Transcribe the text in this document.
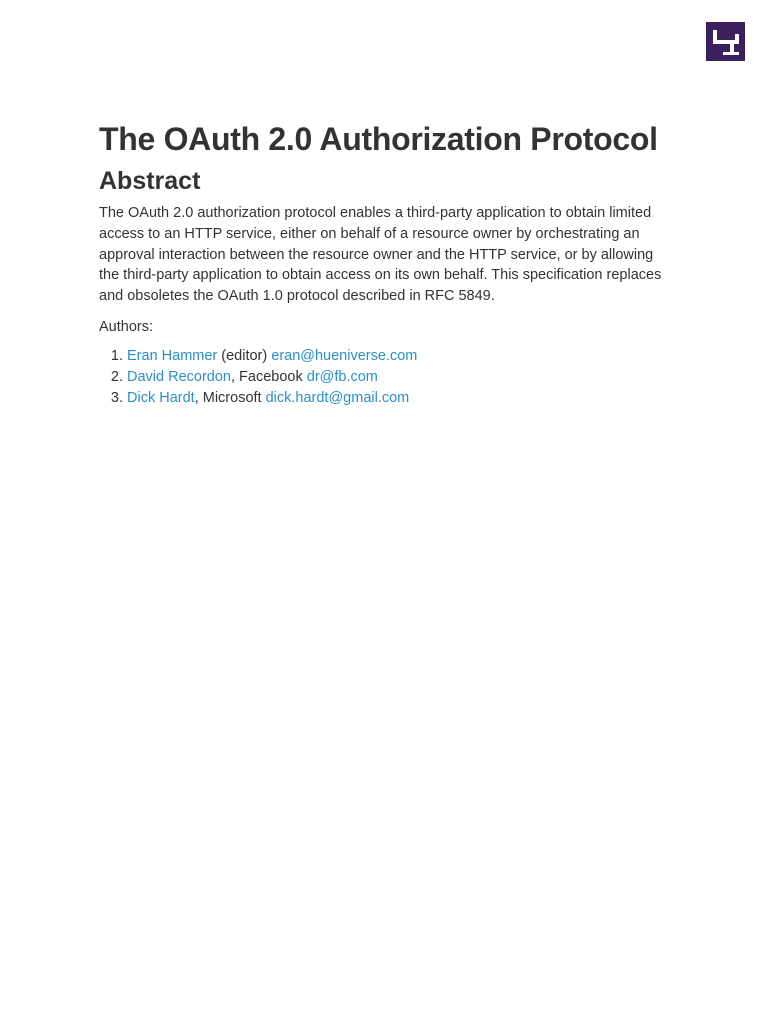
The OAuth 2.0 Authorization Protocol
Abstract

The OAuth 2.0 authorization protocol enables a third-party application to obtain limited access to an HTTP service, either on behalf of a resource owner by orchestrating an approval interaction between the resource owner and the HTTP service, or by allowing the third-party application to obtain access on its own behalf. This specification replaces and obsoletes the OAuth 1.0 protocol described in RFC 5849.

Authors:

1. Eran Hammer (editor) eran@hueniverse.com
2. David Recordon, Facebook dr@fb.com
3. Dick Hardt, Microsoft dick.hardt@gmail.com
